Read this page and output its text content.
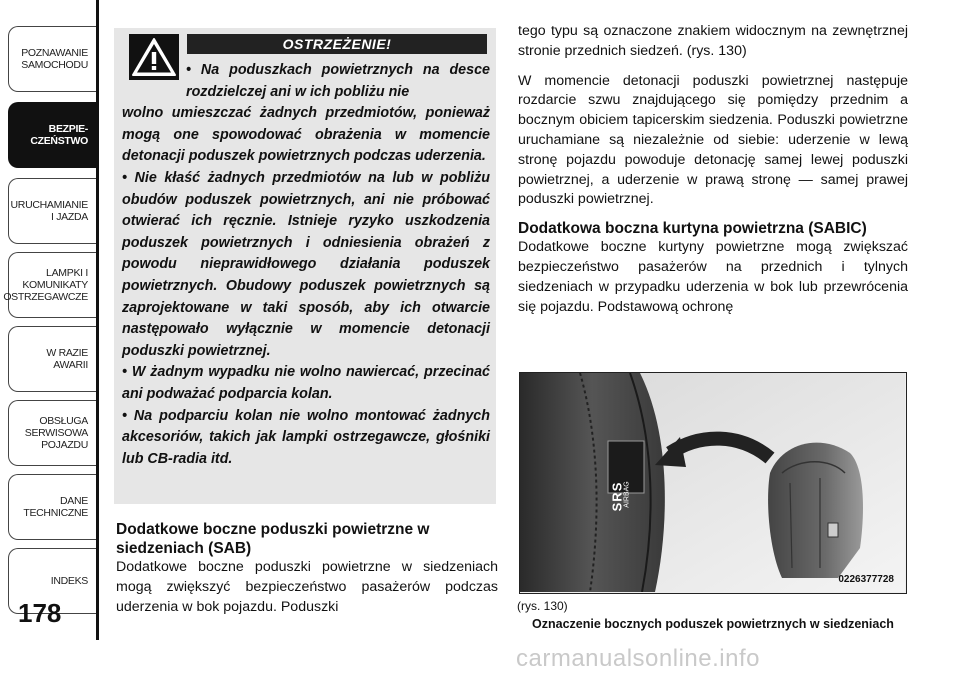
POZNAWANIE
SAMOCHODU
BEZPIE-
CZEŃSTWO
URUCHAMIANIE
I JAZDA
LAMPKI I
KOMUNIKATY
OSTRZEGAWCZE
W RAZIE
AWARII
OBSŁUGA
SERWISOWA
POJAZDU
DANE
TECHNICZNE
INDEKS
178
OSTRZEŻENIE!

• Na poduszkach powietrznych na desce rozdzielczej ani w ich pobliżu nie

wolno umieszczać żadnych przedmiotów, ponieważ mogą one spowodować obrażenia w momencie detonacji poduszek powietrznych podczas uderzenia.

• Nie kłaść żadnych przedmiotów na lub w pobliżu obudów poduszek powietrznych, ani nie próbować otwierać ich ręcznie. Istnieje ryzyko uszkodzenia poduszek powietrznych i odniesienia obrażeń z powodu nieprawidłowego działania poduszek powietrznych. Obudowy poduszek powietrznych są zaprojektowane w taki sposób, aby ich otwarcie następowało wyłącznie w momencie detonacji poduszki powietrznej.

• W żadnym wypadku nie wolno nawiercać, przecinać ani podważać podparcia kolan.

• Na podparciu kolan nie wolno montować żadnych akcesoriów, takich jak lampki ostrzegawcze, głośniki lub CB-radia itd.

Dodatkowe boczne poduszki powietrzne w siedzeniach (SAB)
Dodatkowe boczne poduszki powietrzne w siedzeniach mogą zwiększyć bezpieczeństwo pasażerów podczas uderzenia w bok pojazdu. Poduszki

tego typu są oznaczone znakiem widocznym na zewnętrznej stronie przednich siedzeń. (rys. 130)

W momencie detonacji poduszki powietrznej następuje rozdarcie szwu znajdującego się pomiędzy przednim a bocznym obiciem tapicerskim siedzenia. Poduszki powietrzne uruchamiane są niezależnie od siebie: uderzenie w lewą stronę pojazdu powoduje detonację samej lewej poduszki powietrznej, a uderzenie w prawą stronę — samej prawej poduszki powietrznej.

Dodatkowa boczna kurtyna powietrzna (SABIC)

Dodatkowe boczne kurtyny powietrzne mogą zwiększać bezpieczeństwo pasażerów na przednich i tylnych siedzeniach w przypadku uderzenia w bok lub przewrócenia się pojazdu. Podstawową ochronę

SRS AIRBAG
0226377728
(rys. 130)
Oznaczenie bocznych poduszek powietrznych w siedzeniach
carmanualsonline.info
